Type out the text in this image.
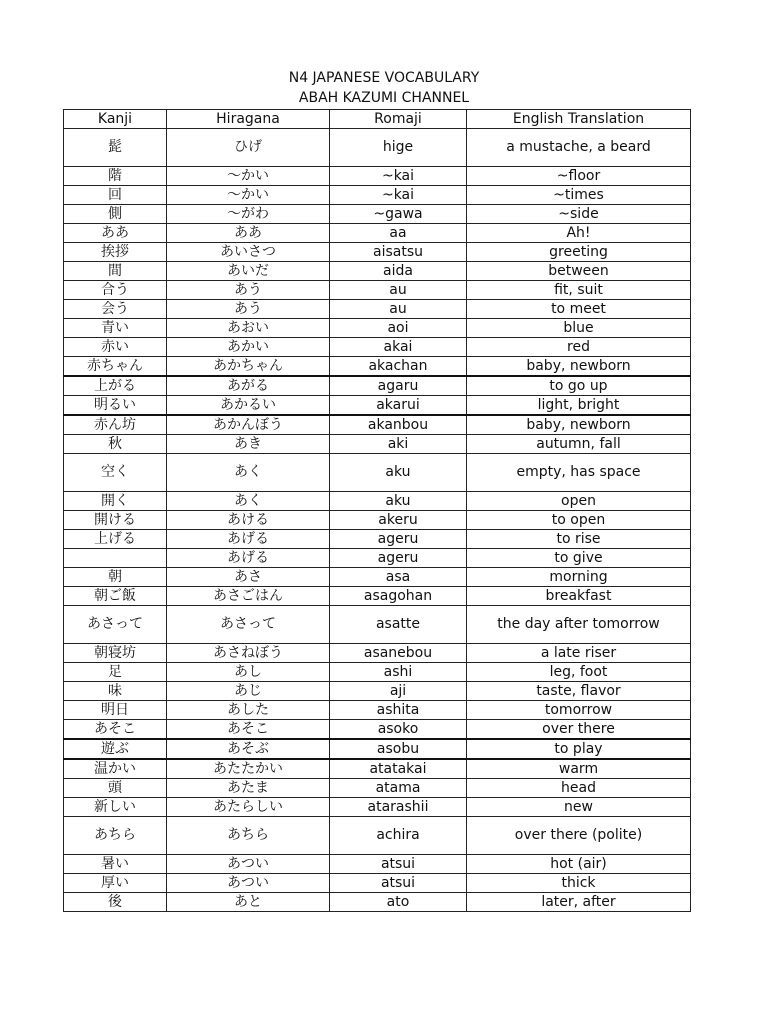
N4 JAPANESE VOCABULARY
ABAH KAZUMI CHANNEL
Kanji	Hiragana	Romaji	English Translation
髭	ひげ	hige	a mustache, a beard
階	～かい	~kai	~floor
回	～かい	~kai	~times
側	～がわ	~gawa	~side
ああ	ああ	aa	Ah!
挨拶	あいさつ	aisatsu	greeting
間	あいだ	aida	between
合う	あう	au	fit, suit
会う	あう	au	to meet
青い	あおい	aoi	blue
赤い	あかい	akai	red
赤ちゃん	あかちゃん	akachan	baby, newborn
上がる	あがる	agaru	to go up
明るい	あかるい	akarui	light, bright
赤ん坊	あかんぼう	akanbou	baby, newborn
秋	あき	aki	autumn, fall
空く	あく	aku	empty, has space
開く	あく	aku	open
開ける	あける	akeru	to open
上げる	あげる	ageru	to rise
	あげる	ageru	to give
朝	あさ	asa	morning
朝ご飯	あさごはん	asagohan	breakfast
あさって	あさって	asatte	the day after tomorrow
朝寝坊	あさねぼう	asanebou	a late riser
足	あし	ashi	leg, foot
味	あじ	aji	taste, flavor
明日	あした	ashita	tomorrow
あそこ	あそこ	asoko	over there
遊ぶ	あそぶ	asobu	to play
温かい	あたたかい	atatakai	warm
頭	あたま	atama	head
新しい	あたらしい	atarashii	new
あちら	あちら	achira	over there (polite)
暑い	あつい	atsui	hot (air)
厚い	あつい	atsui	thick
後	あと	ato	later, after
